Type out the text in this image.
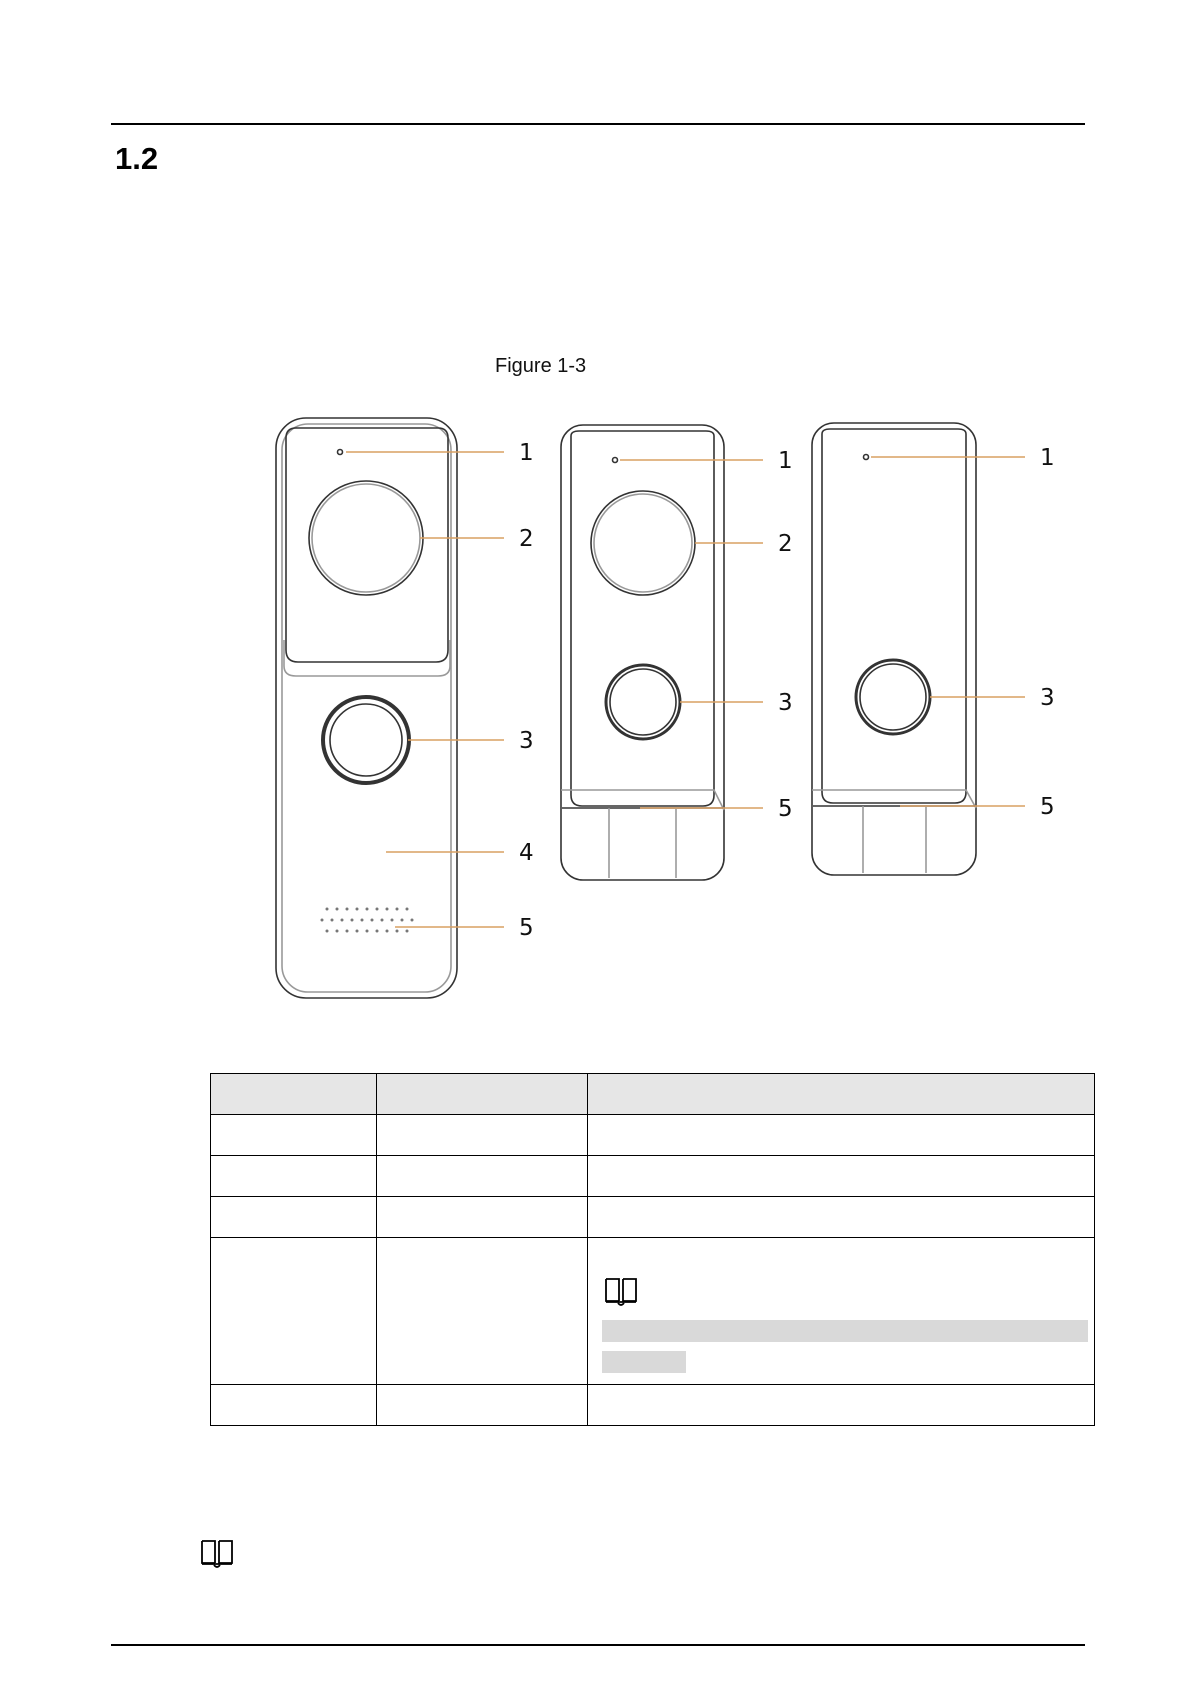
1.2
Figure 1-3
1
2
3
4
5
1
2
3
5
1
3
5
